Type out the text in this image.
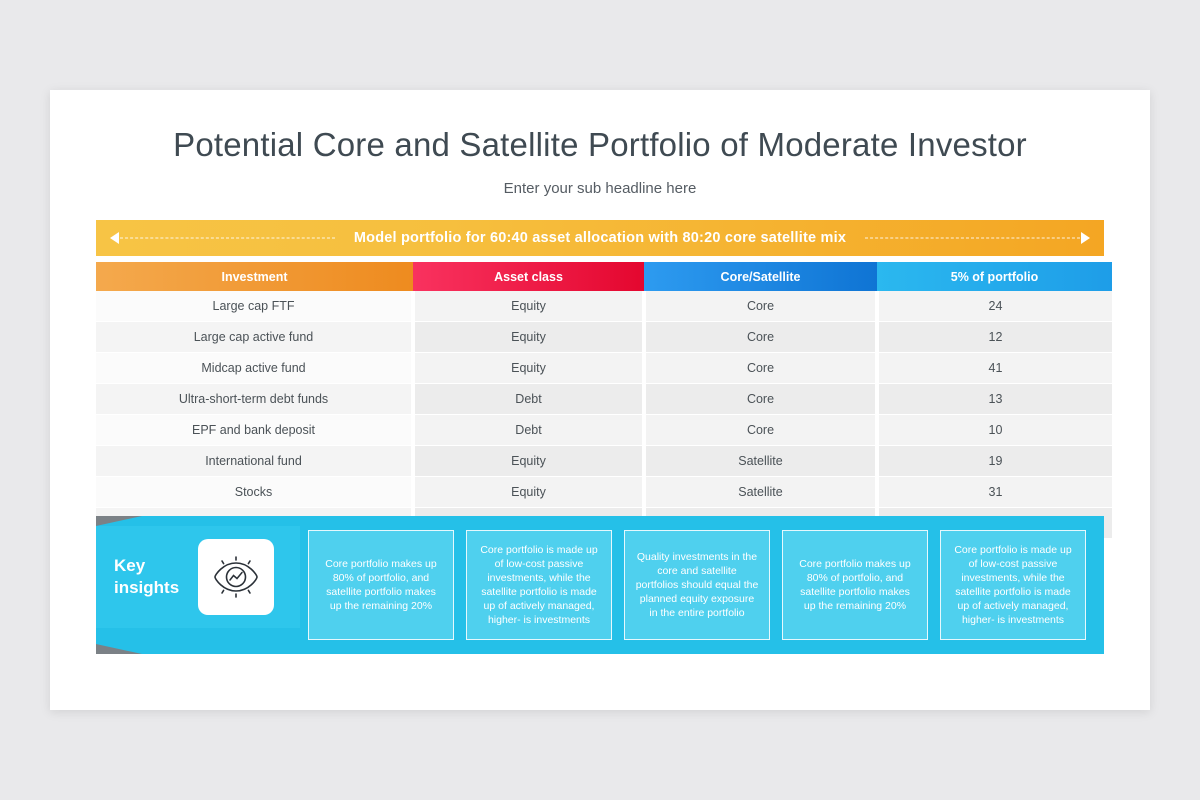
Potential Core and Satellite Portfolio of Moderate Investor

Enter your sub headline here

Model portfolio for 60:40 asset allocation with 80:20 core satellite mix
Investment	Asset class	Core/Satellite	5% of portfolio
Large cap FTF	Equity	Core	24
Large cap active fund	Equity	Core	12
Midcap active fund	Equity	Core	41
Ultra-short-term debt funds	Debt	Core	13
EPF and bank deposit	Debt	Core	10
International fund	Equity	Satellite	19
Stocks	Equity	Satellite	31

Key
insights

Core portfolio makes up 80% of portfolio, and satellite portfolio makes up the remaining 20%

Core portfolio is made up of low-cost passive investments, while the satellite portfolio is made up of actively managed, higher- is investments

Quality investments in the core and satellite portfolios should equal the planned equity exposure in the entire portfolio

Core portfolio makes up 80% of portfolio, and satellite portfolio makes up the remaining 20%

Core portfolio is made up of low-cost passive investments, while the satellite portfolio is made up of actively managed, higher- is investments
